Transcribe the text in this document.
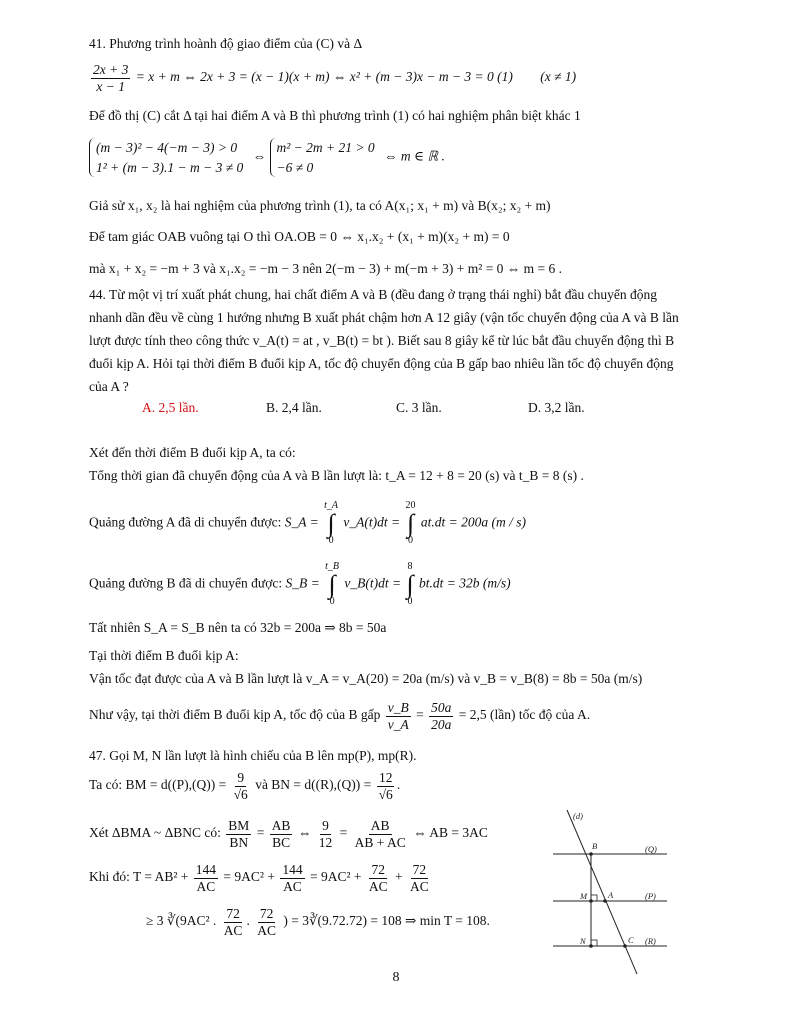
41. Phương trình hoành độ giao điểm của (C) và Δ
$\frac{2x + 3}{x - 1} = x + m$ ⇔ 2x + 3 = (x − 1)(x + m) ⇔ x² + (m − 3)x − m − 3 = 0 (1) (x ≠ 1)
Để đồ thị (C) cắt Δ tại hai điểm A và B thì phương trình (1) có hai nghiệm phân biệt khác 1
(m − 3)² − 4(−m − 3) > 0
1² + (m − 3).1 − m − 3 ≠ 0
⇔
m² − 2m + 21 > 0
−6 ≠ 0
⇔ m ∈ ℝ .
Giả sử x₁, x₂ là hai nghiệm của phương trình (1), ta có A(x₁; x₁ + m) và B(x₂; x₂ + m)
Để tam giác OAB vuông tại O thì OA.OB = 0 ⇔ x₁.x₂ + (x₁ + m)(x₂ + m) = 0
mà x₁ + x₂ = −m + 3 và x₁.x₂ = −m − 3 nên 2(−m − 3) + m(−m + 3) + m² = 0 ⇔ m = 6 .
44. Từ một vị trí xuất phát chung, hai chất điểm A và B (đều đang ở trạng thái nghỉ) bắt đầu chuyển động
nhanh dần đều về cùng 1 hướng nhưng B xuất phát chậm hơn A 12 giây (vận tốc chuyển động của A và B lần
lượt được tính theo công thức v_A(t) = at , v_B(t) = bt ). Biết sau 8 giây kể từ lúc bắt đầu chuyển động thì B
đuổi kịp A. Hỏi tại thời điểm B đuổi kịp A, tốc độ chuyển động của B gấp bao nhiêu lần tốc độ chuyển động
của A ?
A. 2,5 lần.	B. 2,4 lần.	C. 3 lần.	D. 3,2 lần.
Xét đến thời điểm B đuổi kịp A, ta có:
Tổng thời gian đã chuyển động của A và B lần lượt là: t_A = 12 + 8 = 20 (s) và t_B = 8 (s) .
Quảng đường A đã di chuyển được: S_A =
t_A
∫
0
v_A(t)dt =
20
∫
0
at.dt = 200a (m / s)
Quảng đường B đã di chuyển được: S_B =
t_B
∫
0
v_B(t)dt =
8
∫
0
bt.dt = 32b (m/s)
Tất nhiên S_A = S_B nên ta có 32b = 200a ⇒ 8b = 50a
Tại thời điểm B đuổi kịp A:
Vận tốc đạt được của A và B lần lượt là v_A = v_A(20) = 20a (m/s) và v_B = v_B(8) = 8b = 50a (m/s)
Như vậy, tại thời điểm B đuổi kịp A, tốc độ của B gấp $\frac{v\_B}{v\_A} = \frac{50a}{20a} = 2,5$ (lần) tốc độ của A.
47. Gọi M, N lần lượt là hình chiếu của B lên mp(P), mp(R).
Ta có: BM = $d((P),(Q)) = \frac{9}{√6}$ và BN = $d((R),(Q)) = \frac{12}{√6}$ .
Xét ΔBMA ~ ΔBNC có: $\frac{BM}{BN} = \frac{AB}{BC}$ ⇔ $\frac{9}{12} = \frac{AB}{AB + AC}$ ⇔ AB = 3AC
Khi đó: $T = AB^2 + \frac{144}{AC} = 9AC^2 + \frac{144}{AC} = 9AC^2 + \frac{72}{AC} + \frac{72}{AC}$
≥ 3 ∛(9AC² . $\frac{72}{AC}$ . $\frac{72}{AC}$ ) = 3∛(9.72.72) = 108 ⇒ min T = 108.
(d)
(Q)
(P)
(R)
B
M A
N	C
8
